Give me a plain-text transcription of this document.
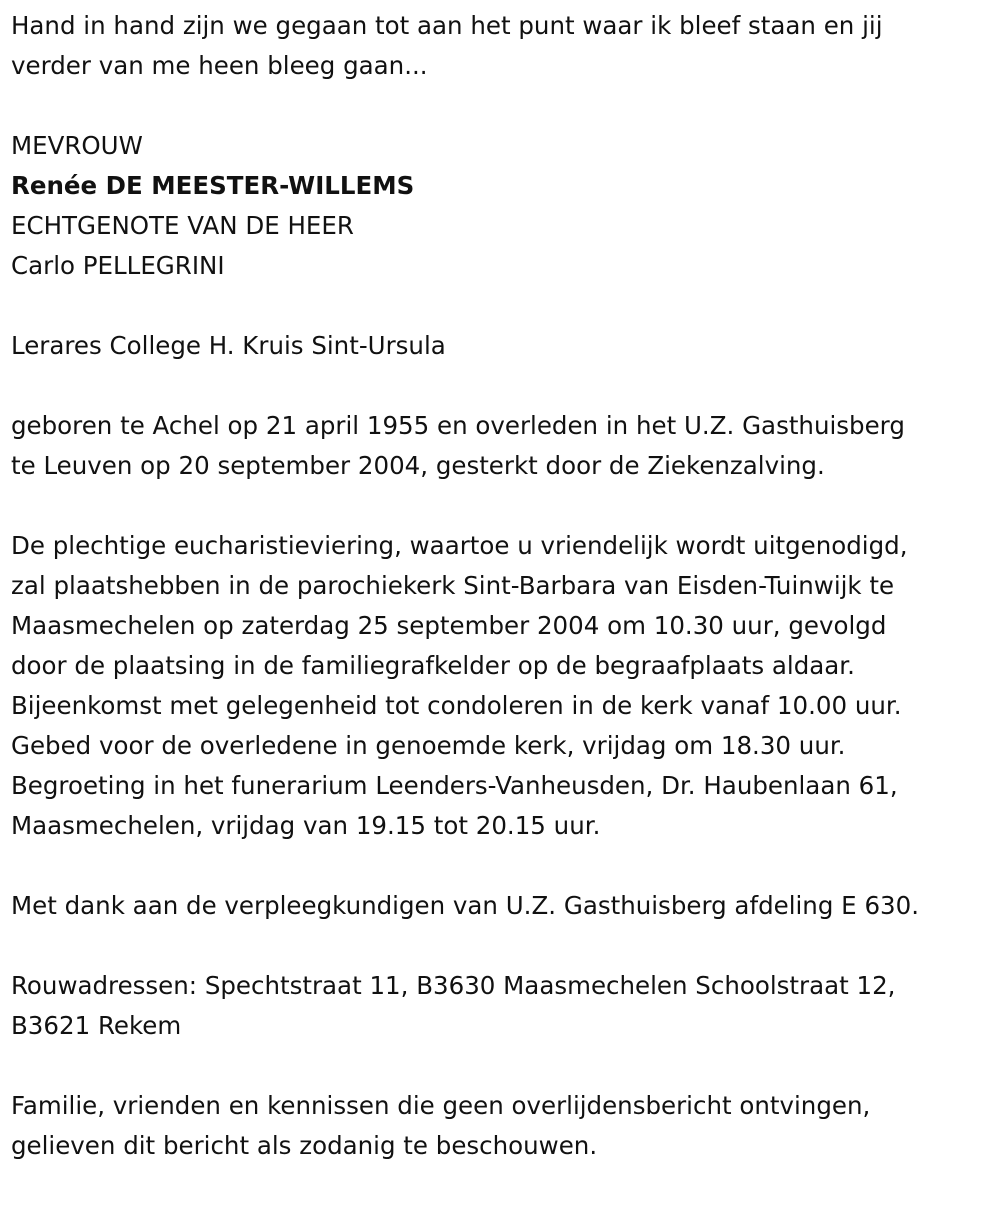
Hand in hand zijn we gegaan tot aan het punt waar ik bleef staan en jij

verder van me heen bleeg gaan...

MEVROUW

Renée DE MEESTER-WILLEMS

ECHTGENOTE VAN DE HEER

Carlo PELLEGRINI

Lerares College H. Kruis Sint-Ursula

geboren te Achel op 21 april 1955 en overleden in het U.Z. Gasthuisberg

te Leuven op 20 september 2004, gesterkt door de Ziekenzalving.

De plechtige eucharistieviering, waartoe u vriendelijk wordt uitgenodigd,

zal plaatshebben in de parochiekerk Sint-Barbara van Eisden-Tuinwijk te

Maasmechelen op zaterdag 25 september 2004 om 10.30 uur, gevolgd

door de plaatsing in de familiegrafkelder op de begraafplaats aldaar.

Bijeenkomst met gelegenheid tot condoleren in de kerk vanaf 10.00 uur.

Gebed voor de overledene in genoemde kerk, vrijdag om 18.30 uur.

Begroeting in het funerarium Leenders-Vanheusden, Dr. Haubenlaan 61,

Maasmechelen, vrijdag van 19.15 tot 20.15 uur.

Met dank aan de verpleegkundigen van U.Z. Gasthuisberg afdeling E 630.

Rouwadressen: Spechtstraat 11, B3630 Maasmechelen Schoolstraat 12,

B3621 Rekem

Familie, vrienden en kennissen die geen overlijdensbericht ontvingen,

gelieven dit bericht als zodanig te beschouwen.
